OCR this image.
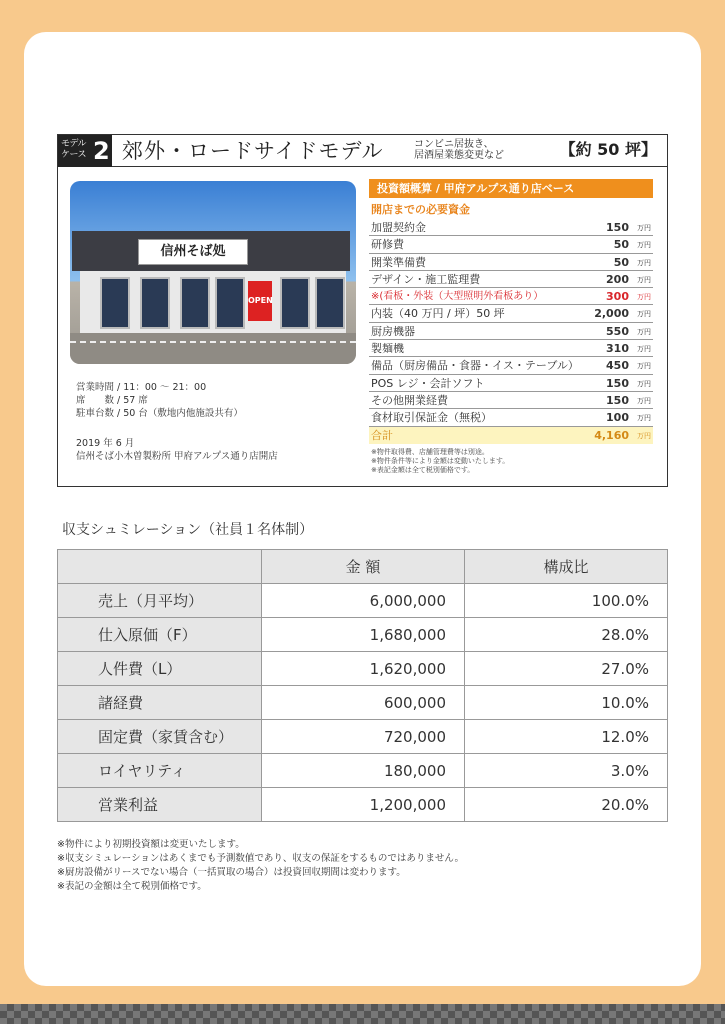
モデル
ケース 2 郊外・ロードサイドモデル	コンビニ居抜き、
居酒屋業態変更など	【約 50 坪】
信州そば処
OPEN
営業時間 / 11：00 〜 21：00
席　　数 / 57 席
駐車台数 / 50 台（敷地内他施設共有）
2019 年 6 月
信州そば小木曽製粉所 甲府アルプス通り店開店
投資額概算 / 甲府アルプス通り店ベース
開店までの必要資金
加盟契約金	150 万円
研修費	50 万円
開業準備費	50 万円
デザイン・施工監理費	200 万円
※(看板・外装（大型照明外看板あり）	300 万円
内装（40 万円 / 坪）50 坪	2,000 万円
厨房機器	550 万円
製麺機	310 万円
備品（厨房備品・食器・イス・テーブル） 450 万円
POS レジ・会計ソフト	150 万円
その他開業経費	150 万円
食材取引保証金（無税）	100 万円
合計	4,160 万円
※物件取得費、店舗管理費等は別途。
※物件条件等により金額は変動いたします。
※表記金額は全て税別価格です。
収支シュミレーション（社員１名体制）
	金 額	構成比
売上（月平均）	6,000,000	100.0%
仕入原価（F）	1,680,000	28.0%
人件費（L）	1,620,000	27.0%
諸経費	600,000	10.0%
固定費（家賃含む）	720,000	12.0%
ロイヤリティ	180,000	3.0%
営業利益	1,200,000	20.0%
※物件により初期投資額は変更いたします。
※収支シミュレーションはあくまでも予測数値であり、収支の保証をするものではありません。
※厨房設備がリースでない場合（一括買取の場合）は投資回収期間は変わります。
※表記の金額は全て税別価格です。
